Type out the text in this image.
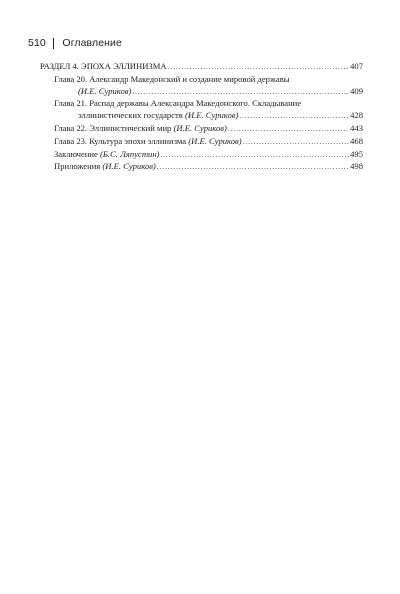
510 Оглавление
РАЗДЕЛ 4. ЭПОХА ЭЛЛИНИЗМА .....	407
Глава 20. Александр Македонский и создание мировой державы
(И.Е. Суриков) .....	409
Глава 21. Распад державы Александра Македонского. Складывание
эллинистических государств (И.Е. Суриков) .....	428
Глава 22. Эллинистический мир (И.Е. Суриков) .....	443
Глава 23. Культура эпохи эллинизма (И.Е. Суриков) .....	468
Заключение (Б.С. Ляпустин) .....	495
Приложения (И.Е. Суриков) .....	498
